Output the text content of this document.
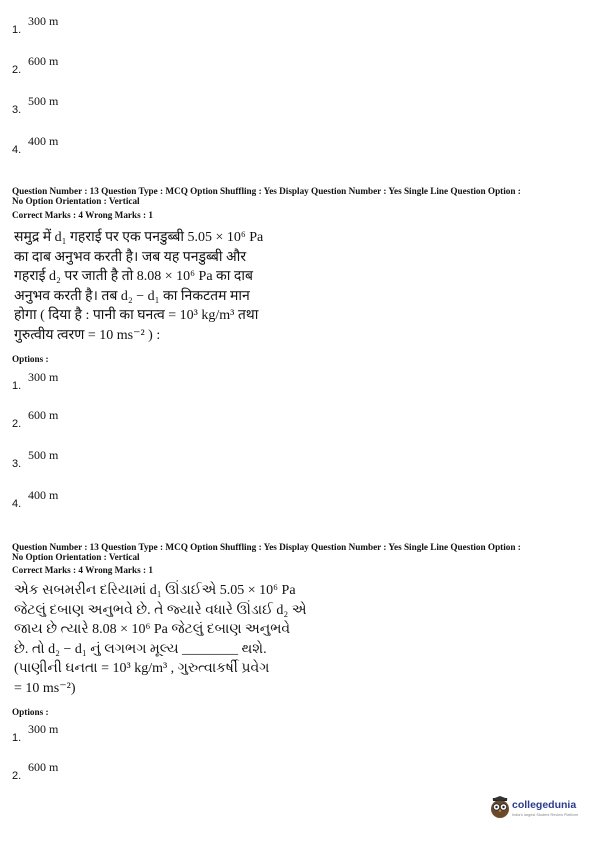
1.
300 m
2.
600 m
3.
500 m
4.
400 m
Question Number : 13 Question Type : MCQ Option Shuffling : Yes Display Question Number : Yes Single Line Question Option :
No Option Orientation : Vertical
Correct Marks : 4 Wrong Marks : 1
समुद्र में d₁ गहराई पर एक पनडुब्बी 5.05 × 10⁶ Pa
का दाब अनुभव करती है। जब यह पनडुब्बी और
गहराई d₂ पर जाती है तो 8.08 × 10⁶ Pa का दाब
अनुभव करती है। तब d₂ − d₁ का निकटतम मान
होगा ( दिया है : पानी का घनत्व = 10³ kg/m³ तथा
गुरुत्वीय त्वरण = 10 ms⁻² ) :
Options :
1.
300 m
2.
600 m
3.
500 m
4.
400 m
Question Number : 13 Question Type : MCQ Option Shuffling : Yes Display Question Number : Yes Single Line Question Option :
No Option Orientation : Vertical
Correct Marks : 4 Wrong Marks : 1
એક સબમરીન દરિયામાં d₁ ઊંડાઈએ 5.05 × 10⁶ Pa
જેટલું દબાણ અનુભવે છે. તે જ્યારે વધારે ઊંડાઈ d₂ એ
જાય છે ત્યારે 8.08 × 10⁶ Pa જેટલું દબાણ અનુભવે
છે. તો d₂ − d₁ નું લગભગ મૂલ્ય ________ થશે.
(પાણીની ઘનતા = 10³ kg/m³ , ગુરુત્વાકર્ષી પ્રવેગ
= 10 ms⁻²)
Options :
1.
300 m
2.
600 m
collegedunia
India's largest Student Review Platform
